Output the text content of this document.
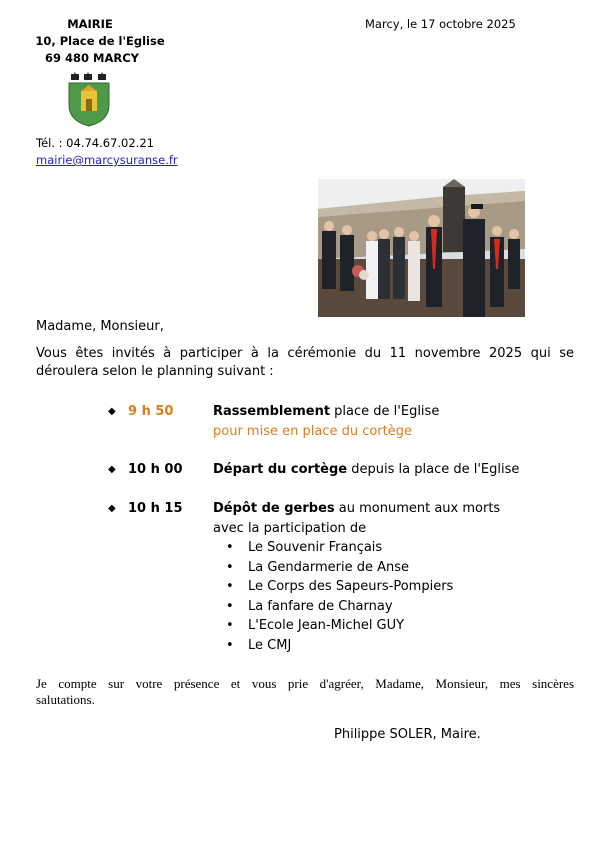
MAIRIE
10, Place de l'Eglise
69 480 MARCY
Marcy, le 17 octobre 2025
Tél. : 04.74.67.02.21
mairie@marcysuranse.fr
Madame, Monsieur,
Vous êtes invités à participer à la cérémonie du 11 novembre 2025 qui se
déroulera selon le planning suivant :
◆ 9 h 50	Rassemblement place de l'Eglise
pour mise en place du cortège
◆ 10 h 00 Départ du cortège depuis la place de l'Eglise
◆ 10 h 15 Dépôt de gerbes au monument aux morts
avec la participation de
• Le Souvenir Français
• La Gendarmerie de Anse
• Le Corps des Sapeurs-Pompiers
• La fanfare de Charnay
• L'Ecole Jean-Michel GUY
• Le CMJ
Je compte sur votre présence et vous prie d'agréer, Madame, Monsieur, mes sincères
salutations.
Philippe SOLER, Maire.
